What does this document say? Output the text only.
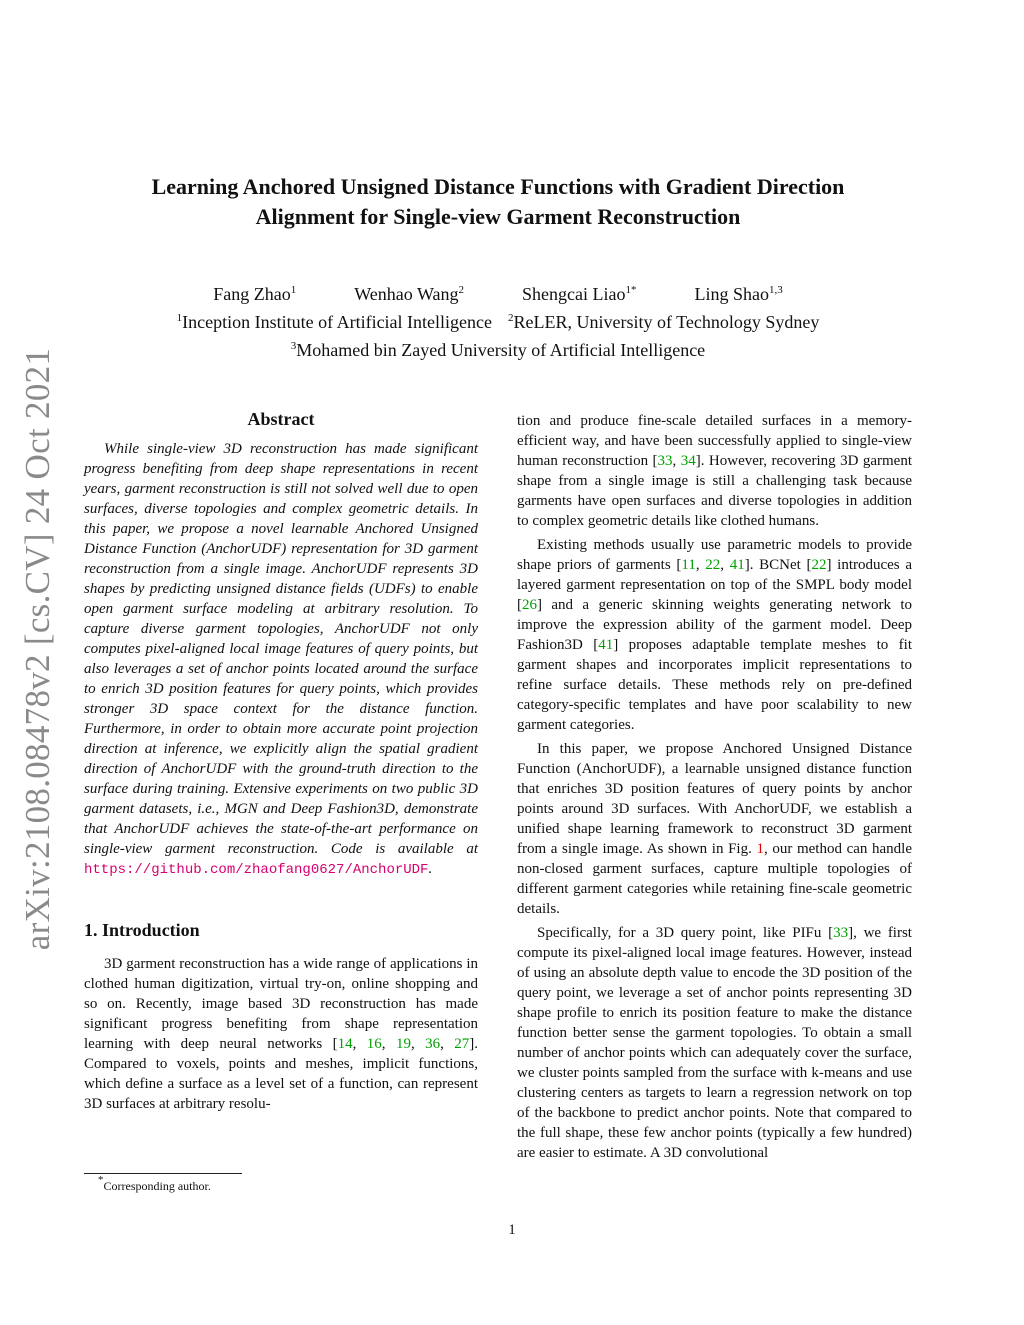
arXiv:2108.08478v2 [cs.CV] 24 Oct 2021
Learning Anchored Unsigned Distance Functions with Gradient Direction
Alignment for Single-view Garment Reconstruction
Fang Zhao$^1$	Wenhao Wang$^2$	Shengcai Liao$^{1*}$	Ling Shao$^{1,3}$
$^1$Inception Institute of Artificial Intelligence $^2$ReLER, University of Technology Sydney
$^3$Mohamed bin Zayed University of Artificial Intelligence
Abstract

While single-view 3D reconstruction has made significant progress benefiting from deep shape representations in recent years, garment reconstruction is still not solved well due to open surfaces, diverse topologies and complex geometric details. In this paper, we propose a novel learnable Anchored Unsigned Distance Function (AnchorUDF) representation for 3D garment reconstruction from a single image. AnchorUDF represents 3D shapes by predicting unsigned distance fields (UDFs) to enable open garment surface modeling at arbitrary resolution. To capture diverse garment topologies, AnchorUDF not only computes pixel-aligned local image features of query points, but also leverages a set of anchor points located around the surface to enrich 3D position features for query points, which provides stronger 3D space context for the distance function. Furthermore, in order to obtain more accurate point projection direction at inference, we explicitly align the spatial gradient direction of AnchorUDF with the ground-truth direction to the surface during training. Extensive experiments on two public 3D garment datasets, i.e., MGN and Deep Fashion3D, demonstrate that AnchorUDF achieves the state-of-the-art performance on single-view garment reconstruction. Code is available at https://github.com/zhaofang0627/AnchorUDF.

1. Introduction

3D garment reconstruction has a wide range of applications in clothed human digitization, virtual try-on, online shopping and so on. Recently, image based 3D reconstruction has made significant progress benefiting from shape representation learning with deep neural networks [14, 16, 19, 36, 27]. Compared to voxels, points and meshes, implicit functions, which define a surface as a level set of a function, can represent 3D surfaces at arbitrary resolu-

tion and produce fine-scale detailed surfaces in a memory-efficient way, and have been successfully applied to single-view human reconstruction [33, 34]. However, recovering 3D garment shape from a single image is still a challenging task because garments have open surfaces and diverse topologies in addition to complex geometric details like clothed humans.

Existing methods usually use parametric models to provide shape priors of garments [11, 22, 41]. BCNet [22] introduces a layered garment representation on top of the SMPL body model [26] and a generic skinning weights generating network to improve the expression ability of the garment model. Deep Fashion3D [41] proposes adaptable template meshes to fit garment shapes and incorporates implicit representations to refine surface details. These methods rely on pre-defined category-specific templates and have poor scalability to new garment categories.

In this paper, we propose Anchored Unsigned Distance Function (AnchorUDF), a learnable unsigned distance function that enriches 3D position features of query points by anchor points around 3D surfaces. With AnchorUDF, we establish a unified shape learning framework to reconstruct 3D garment from a single image. As shown in Fig. 1, our method can handle non-closed garment surfaces, capture multiple topologies of different garment categories while retaining fine-scale geometric details.

Specifically, for a 3D query point, like PIFu [33], we first compute its pixel-aligned local image features. However, instead of using an absolute depth value to encode the 3D position of the query point, we leverage a set of anchor points representing 3D shape profile to enrich its position feature to make the distance function better sense the garment topologies. To obtain a small number of anchor points which can adequately cover the surface, we cluster points sampled from the surface with k-means and use clustering centers as targets to learn a regression network on top of the backbone to predict anchor points. Note that compared to the full shape, these few anchor points (typically a few hundred) are easier to estimate. A 3D convolutional

*Corresponding author.
1
